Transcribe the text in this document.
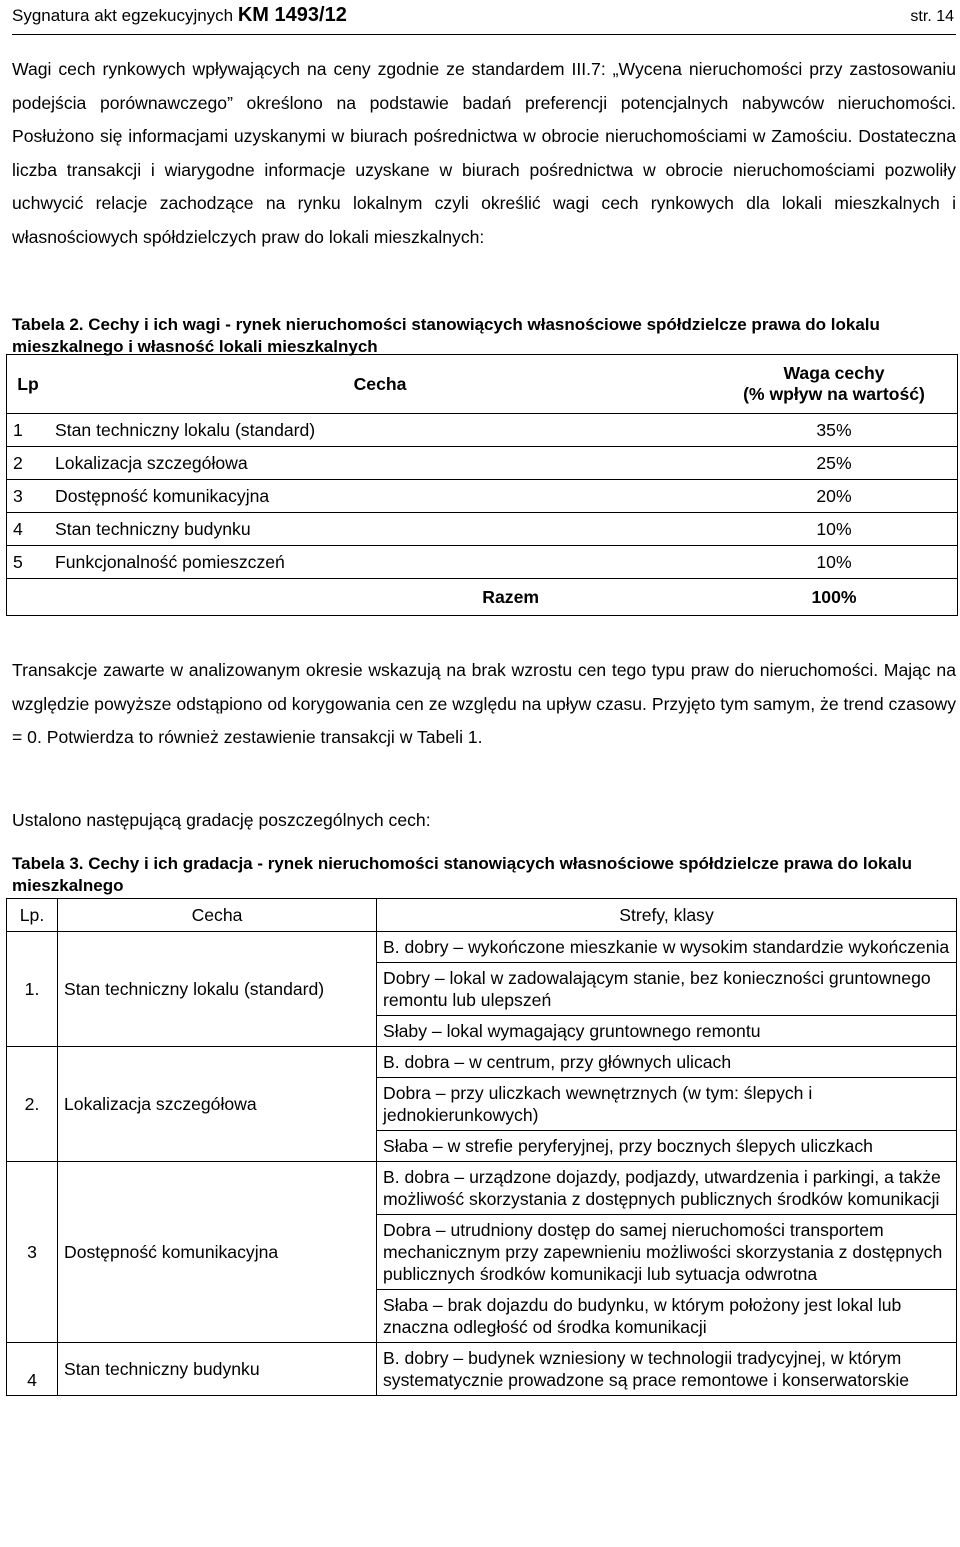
Sygnatura akt egzekucyjnych KM 1493/12	str. 14
Wagi cech rynkowych wpływających na ceny zgodnie ze standardem III.7: „Wycena nieruchomości przy zastosowaniu podejścia porównawczego” określono na podstawie badań preferencji potencjalnych nabywców nieruchomości. Posłużono się informacjami uzyskanymi w biurach pośrednictwa w obrocie nieruchomościami w Zamościu. Dostateczna liczba transakcji i wiarygodne informacje uzyskane w biurach pośrednictwa w obrocie nieruchomościami pozwoliły uchwycić relacje zachodzące na rynku lokalnym czyli określić wagi cech rynkowych dla lokali mieszkalnych i własnościowych spółdzielczych praw do lokali mieszkalnych:
Tabela 2. Cechy i ich wagi - rynek nieruchomości stanowiących własnościowe spółdzielcze prawa do lokalu mieszkalnego i własność lokali mieszkalnych
Lp	Cecha	Waga cechy
(% wpływ na wartość)
1	Stan techniczny lokalu (standard)	35%
2	Lokalizacja szczegółowa	25%
3	Dostępność komunikacyjna	20%
4	Stan techniczny budynku	10%
5	Funkcjonalność pomieszczeń	10%
Razem		100%
Transakcje zawarte w analizowanym okresie wskazują na brak wzrostu cen tego typu praw do nieruchomości. Mając na względzie powyższe odstąpiono od korygowania cen ze względu na upływ czasu. Przyjęto tym samym, że trend czasowy = 0. Potwierdza to również zestawienie transakcji w Tabeli 1.
Ustalono następującą gradację poszczególnych cech:
Tabela 3. Cechy i ich gradacja - rynek nieruchomości stanowiących własnościowe spółdzielcze prawa do lokalu mieszkalnego
Lp.	Cecha	Strefy, klasy
1.	Stan techniczny lokalu (standard)	B. dobry – wykończone mieszkanie w wysokim standardzie wykończenia
		Dobry – lokal w zadowalającym stanie, bez konieczności gruntownego remontu lub ulepszeń
		Słaby – lokal wymagający gruntownego remontu
2.	Lokalizacja szczegółowa	B. dobra – w centrum, przy głównych ulicach
		Dobra – przy uliczkach wewnętrznych (w tym: ślepych i jednokierunkowych)
		Słaba – w strefie peryferyjnej, przy bocznych ślepych uliczkach
3	Dostępność komunikacyjna	B. dobra – urządzone dojazdy, podjazdy, utwardzenia i parkingi, a także możliwość skorzystania z dostępnych publicznych środków komunikacji
		Dobra – utrudniony dostęp do samej nieruchomości transportem mechanicznym przy zapewnieniu możliwości skorzystania z dostępnych publicznych środków komunikacji lub sytuacja odwrotna
		Słaba – brak dojazdu do budynku, w którym położony jest lokal lub znaczna odległość od środka komunikacji
4	Stan techniczny budynku	B. dobry – budynek wzniesiony w technologii tradycyjnej, w którym systematycznie prowadzone są prace remontowe i konserwatorskie
